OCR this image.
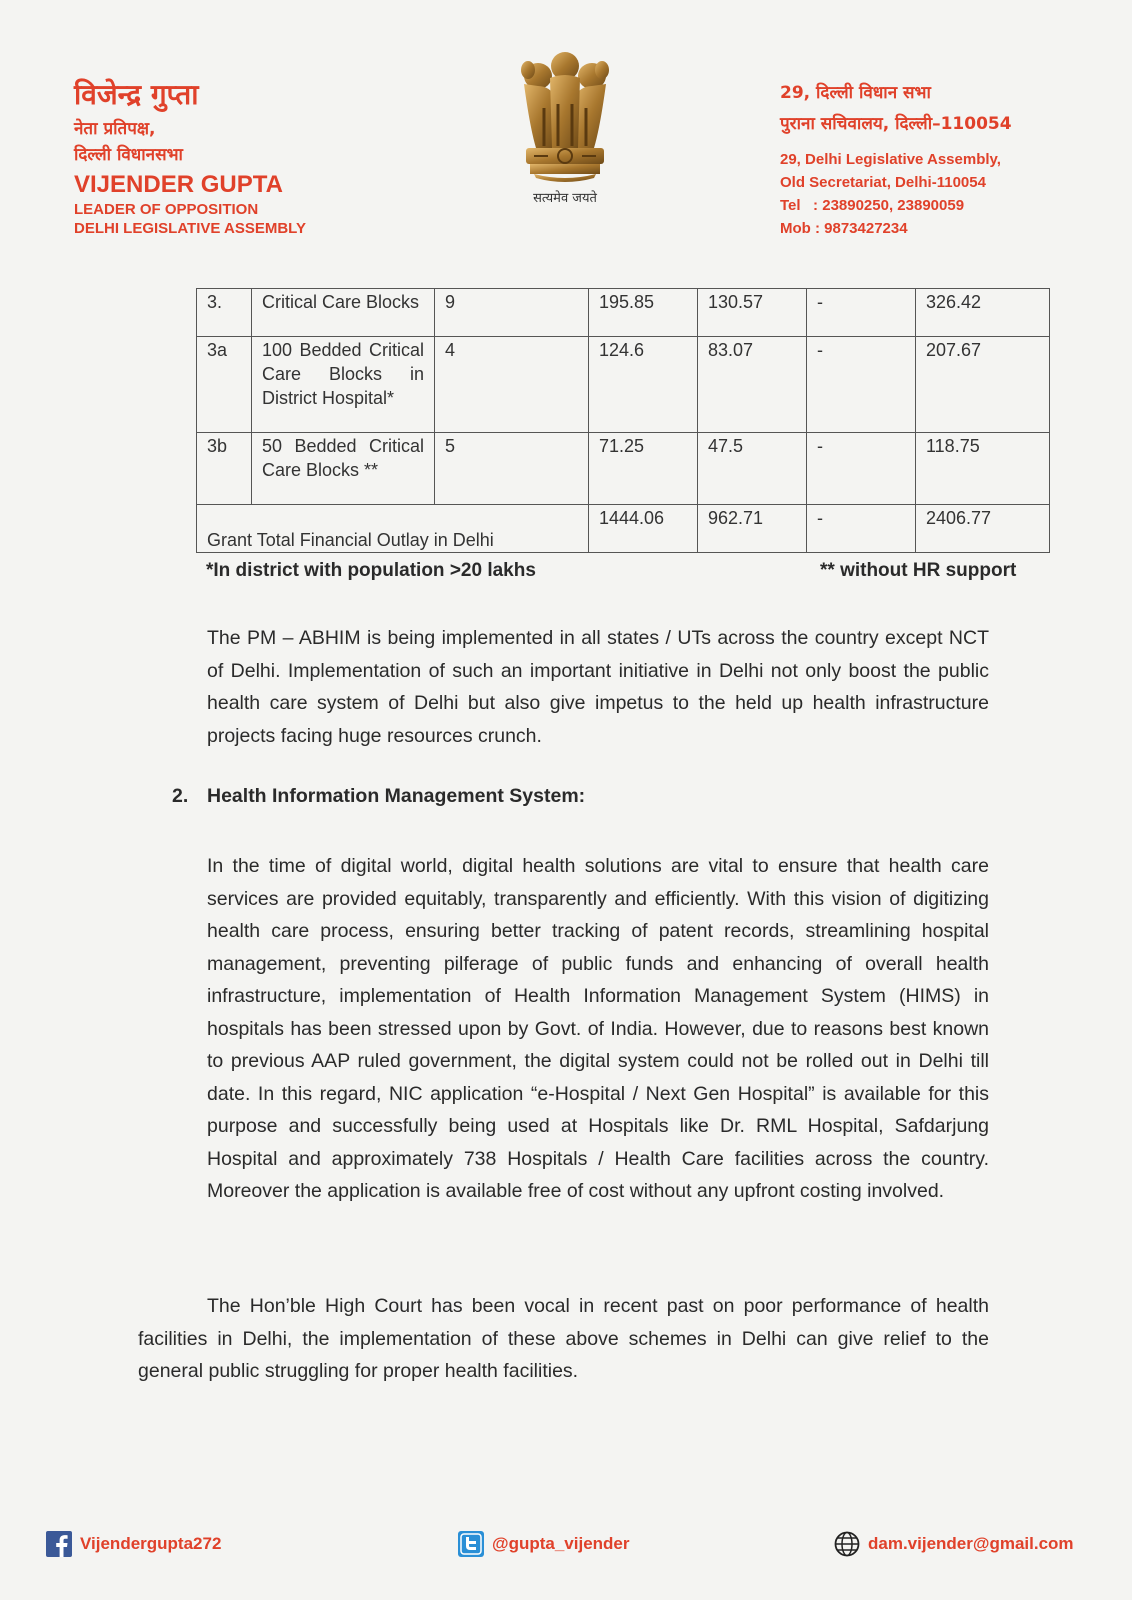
विजेन्द्र गुप्ता
नेता प्रतिपक्ष,
दिल्ली विधानसभा
VIJENDER GUPTA
LEADER OF OPPOSITION
DELHI LEGISLATIVE ASSEMBLY
सत्यमेव जयते
29, दिल्ली विधान सभा
पुराना सचिवालय, दिल्ली–110054
29, Delhi Legislative Assembly,
Old Secretariat, Delhi-110054
Tel   : 23890250, 23890059
Mob : 9873427234
3.	Critical Care Blocks	9	195.85	130.57	-	326.42
3a	100 Bedded Critical Care Blocks in District Hospital*	4	124.6	83.07	-	207.67
3b	50 Bedded Critical Care Blocks **	5	71.25	47.5	-	118.75
Grant Total Financial Outlay in Delhi			1444.06	962.71	-	2406.77
*In district with population >20 lakhs	** without HR support

The PM – ABHIM is being implemented in all states / UTs across the country except NCT of Delhi. Implementation of such an important initiative in Delhi not only boost the public health care system of Delhi but also give impetus to the held up health infrastructure projects facing huge resources crunch.

2. Health Information Management System:

In the time of digital world, digital health solutions are vital to ensure that health care services are provided equitably, transparently and efficiently. With this vision of digitizing health care process, ensuring better tracking of patent records, streamlining hospital management, preventing pilferage of public funds and enhancing of overall health infrastructure, implementation of Health Information Management System (HIMS) in hospitals has been stressed upon by Govt. of India. However, due to reasons best known to previous AAP ruled government, the digital system could not be rolled out in Delhi till date. In this regard, NIC application “e-Hospital / Next Gen Hospital” is available for this purpose and successfully being used at Hospitals like Dr. RML Hospital, Safdarjung Hospital and approximately 738 Hospitals / Health Care facilities across the country. Moreover the application is available free of cost without any upfront costing involved.

The Hon’ble High Court has been vocal in recent past on poor performance of health facilities in Delhi, the implementation of these above schemes in Delhi can give relief to the general public struggling for proper health facilities.

Vijendergupta272	@gupta_vijender	dam.vijender@gmail.com
